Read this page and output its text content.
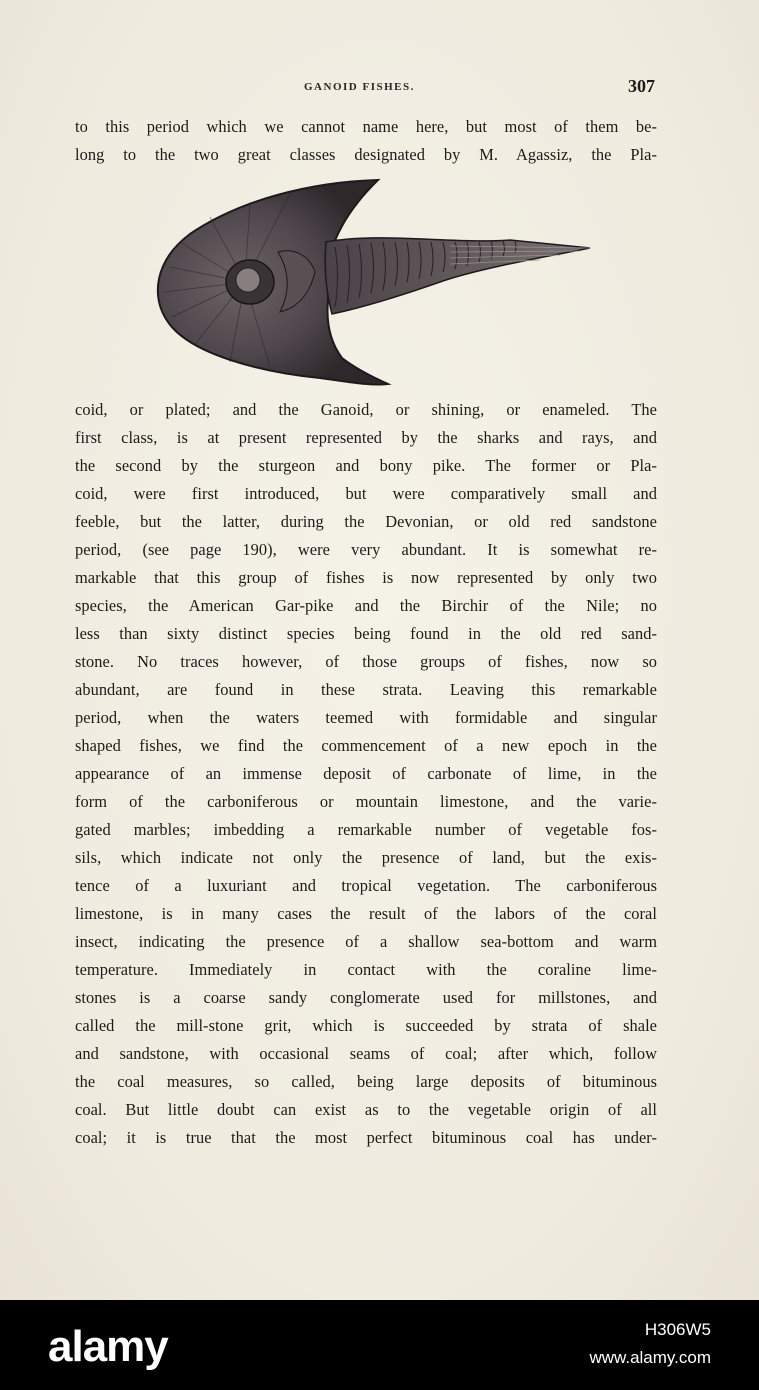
GANOID FISHES.	307
to this period which we cannot name here, but most of them be-
long to the two great classes designated by M. Agassiz, the Pla-
coid, or plated; and the Ganoid, or shining, or enameled. The
first class, is at present represented by the sharks and rays, and
the second by the sturgeon and bony pike. The former or Pla-
coid, were first introduced, but were comparatively small and
feeble, but the latter, during the Devonian, or old red sandstone
period, (see page 190), were very abundant. It is somewhat re-
markable that this group of fishes is now represented by only two
species, the American Gar-pike and the Birchir of the Nile; no
less than sixty distinct species being found in the old red sand-
stone. No traces however, of those groups of fishes, now so
abundant, are found in these strata. Leaving this remarkable
period, when the waters teemed with formidable and singular
shaped fishes, we find the commencement of a new epoch in the
appearance of an immense deposit of carbonate of lime, in the
form of the carboniferous or mountain limestone, and the varie-
gated marbles; imbedding a remarkable number of vegetable fos-
sils, which indicate not only the presence of land, but the exis-
tence of a luxuriant and tropical vegetation. The carboniferous
limestone, is in many cases the result of the labors of the coral
insect, indicating the presence of a shallow sea-bottom and warm
temperature. Immediately in contact with the coraline lime-
stones is a coarse sandy conglomerate used for millstones, and
called the mill-stone grit, which is succeeded by strata of shale
and sandstone, with occasional seams of coal; after which, follow
the coal measures, so called, being large deposits of bituminous
coal. But little doubt can exist as to the vegetable origin of all
coal; it is true that the most perfect bituminous coal has under-
alamy	H306W5
www.alamy.com
